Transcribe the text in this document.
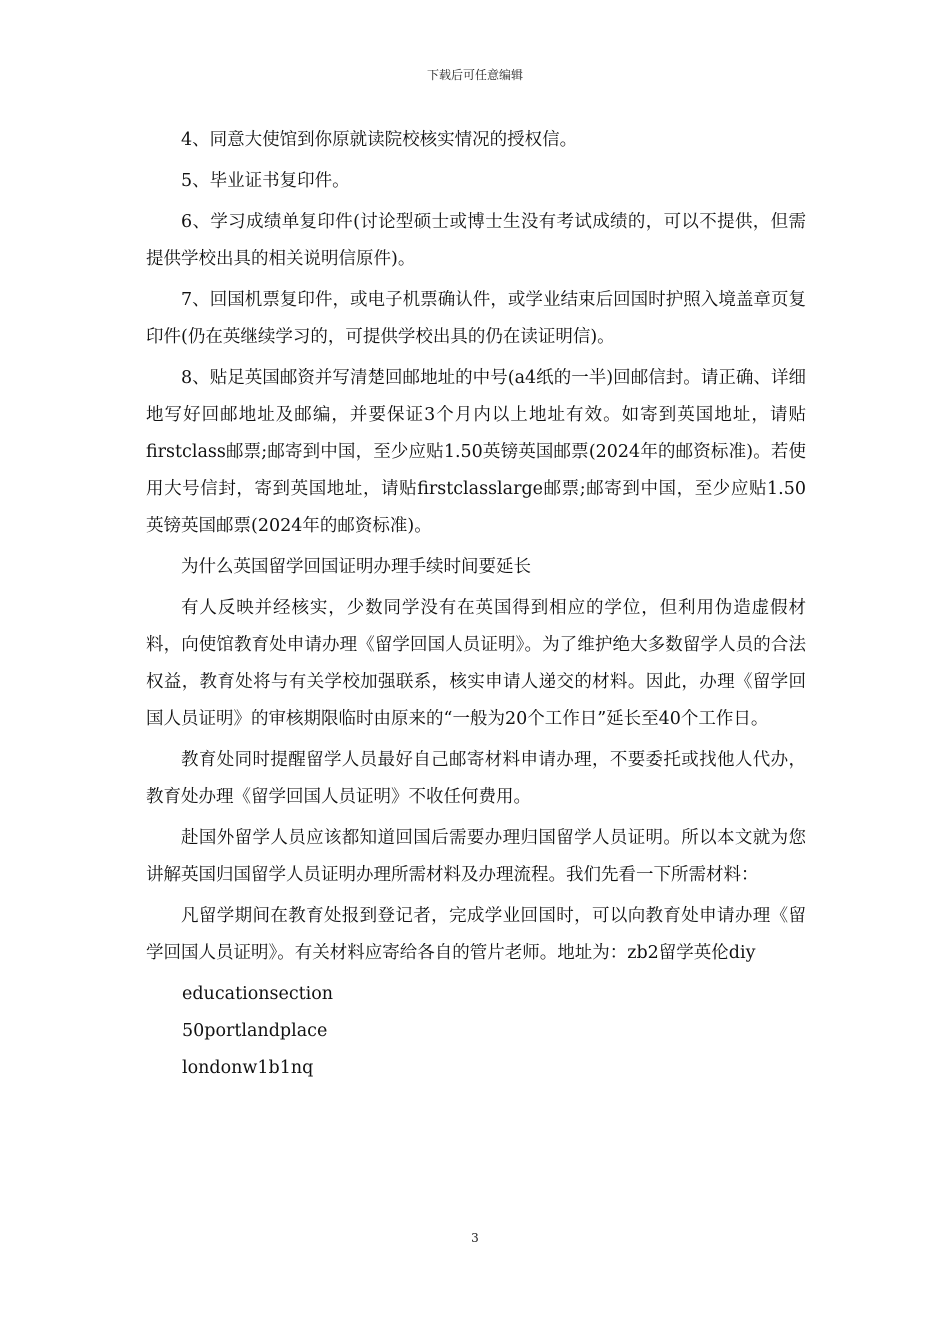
下载后可任意编辑

4、同意大使馆到你原就读院校核实情况的授权信。

5、毕业证书复印件。

6、学习成绩单复印件(讨论型硕士或博士生没有考试成绩的，可以不提供，但需提供学校出具的相关说明信原件)。

7、回国机票复印件，或电子机票确认件，或学业结束后回国时护照入境盖章页复印件(仍在英继续学习的，可提供学校出具的仍在读证明信)。

8、贴足英国邮资并写清楚回邮地址的中号(a4纸的一半)回邮信封。请正确、详细地写好回邮地址及邮编，并要保证3个月内以上地址有效。如寄到英国地址，请贴firstclass邮票;邮寄到中国，至少应贴1.50英镑英国邮票(2024年的邮资标准)。若使用大号信封，寄到英国地址，请贴firstclasslarge邮票;邮寄到中国，至少应贴1.50英镑英国邮票(2024年的邮资标准)。

为什么英国留学回国证明办理手续时间要延长

有人反映并经核实，少数同学没有在英国得到相应的学位，但利用伪造虚假材料，向使馆教育处申请办理《留学回国人员证明》。为了维护绝大多数留学人员的合法权益，教育处将与有关学校加强联系，核实申请人递交的材料。因此，办理《留学回国人员证明》的审核期限临时由原来的“一般为20个工作日”延长至40个工作日。

教育处同时提醒留学人员最好自己邮寄材料申请办理，不要委托或找他人代办，教育处办理《留学回国人员证明》不收任何费用。

赴国外留学人员应该都知道回国后需要办理归国留学人员证明。所以本文就为您讲解英国归国留学人员证明办理所需材料及办理流程。我们先看一下所需材料：

凡留学期间在教育处报到登记者，完成学业回国时，可以向教育处申请办理《留学回国人员证明》。有关材料应寄给各自的管片老师。地址为：zb2留学英伦diy

educationsection

50portlandplace

londonw1b1nq

3
